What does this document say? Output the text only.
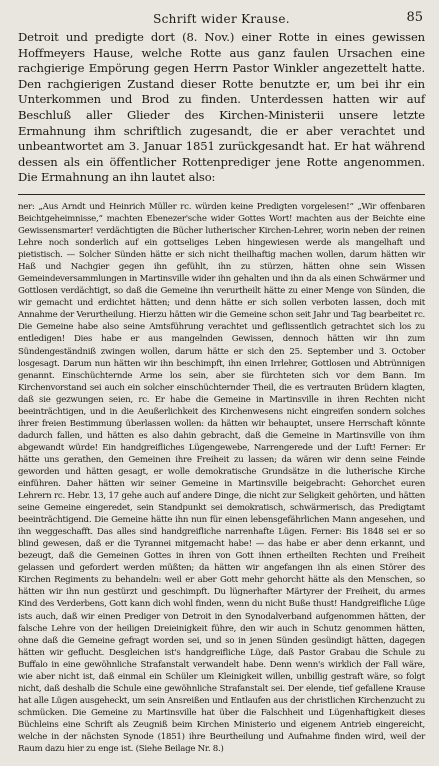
Schrift wider Krause.	85

Detroit und predigte dort (8. Nov.) einer Rotte in eines gewissen Hoffmeyers Hause, welche Rotte aus ganz faulen Ursachen eine rachgierige Empörung gegen Herrn Pastor Winkler angezettelt hatte. Den rachgierigen Zustand dieser Rotte benutzte er, um bei ihr ein Unterkommen und Brod zu finden. Unterdessen hatten wir auf Beschluß aller Glieder des Kirchen-Ministerii unsere letzte Ermahnung ihm schriftlich zugesandt, die er aber verachtet und unbeantwortet am 3. Januar 1851 zurückgesandt hat. Er hat während dessen als ein öffentlicher Rottenprediger jene Rotte angenommen. Die Ermahnung an ihn lautet also:

ner: „Aus Arndt und Heinrich Müller rc. würden keine Predigten vorgelesen!“ „Wir offenbaren Beichtgeheimnisse,“ machten Ebenezer'sche wider Gottes Wort! machten aus der Beichte eine Gewissensmarter! verdächtigten die Bücher lutherischer Kirchen-Lehrer, worin neben der reinen Lehre noch sonderlich auf ein gottseliges Leben hingewiesen werde als mangelhaft und pietistisch. — Solcher Sünden hätte er sich nicht theilhaftig machen wollen, darum hätten wir Haß und Nachgier gegen ihn gefühlt, ihn zu stürzen, hätten ohne sein Wissen Gemeindeversammlungen in Martinsville wider ihn gehalten und ihn da als einen Schwärmer und Gottlosen verdächtigt, so daß die Gemeine ihn verurtheilt hätte zu einer Menge von Sünden, die wir gemacht und erdichtet hätten; und denn hätte er sich sollen verboten lassen, doch mit Annahme der Verurtheilung. Hierzu hätten wir die Gemeine schon seit Jahr und Tag bearbeitet rc. Die Gemeine habe also seine Amtsführung verachtet und geflissentlich getrachtet sich los zu entledigen! Dies habe er aus mangelnden Gewissen, dennoch hätten wir ihn zum Sündengeständniß zwingen wollen, darum hätte er sich den 25. September und 3. October losgesagt. Darum nun hätten wir ihn beschimpft, ihn einen Irrlehrer, Gottlosen und Abtrünnigen genannt. Einschüchternde Arme los sein, aber sie fürchteten sich vor dem Bann. Im Kirchenvorstand sei auch ein solcher einschüchternder Theil, die es vertrauten Brüdern klagten, daß sie gezwungen seien, rc. Er habe die Gemeine in Martinsville in ihren Rechten nicht beeinträchtigen, und in die Aeußerlichkeit des Kirchenwesens nicht eingreifen sondern solches ihrer freien Bestimmung überlassen wollen: da hätten wir behauptet, unsere Herrschaft könnte dadurch fallen, und hätten es also dahin gebracht, daß die Gemeine in Martinsville von ihm abgewandt würde! Ein handgreifliches Lügengewebe, Narrengerede und der Luft! Ferner: Er hätte uns gerathen, den Gemeinen ihre Freiheit zu lassen; da wären wir denn seine Feinde geworden und hätten gesagt, er wolle demokratische Grundsätze in die lutherische Kirche einführen. Daher hätten wir seiner Gemeine in Martinsville beigebracht: Gehorchet euren Lehrern rc. Hebr. 13, 17 gehe auch auf andere Dinge, die nicht zur Seligkeit gehörten, und hätten seine Gemeine eingeredet, sein Standpunkt sei demokratisch, schwärmerisch, das Predigtamt beeinträchtigend. Die Gemeine hätte ihn nun für einen lebensgefährlichen Mann angesehen, und ihn weggeschafft. Das alles sind handgreifliche narrenhafte Lügen. Ferner: Bis 1848 sei er so blind gewesen, daß er die Tyrannei mitgemacht habe! — das habe er aber denn erkannt, und bezeugt, daß die Gemeinen Gottes in ihren von Gott ihnen ertheilten Rechten und Freiheit gelassen und gefordert werden müßten; da hätten wir angefangen ihn als einen Störer des Kirchen Regiments zu behandeln: weil er aber Gott mehr gehorcht hätte als den Menschen, so hätten wir ihn nun gestürzt und geschimpft. Du lügnerhafter Märtyrer der Freiheit, du armes Kind des Verderbens, Gott kann dich wohl finden, wenn du nicht Buße thust! Handgreifliche Lüge ists auch, daß wir einen Prediger von Detroit in den Synodalverband aufgenommen hätten, der falsche Lehre von der heiligen Dreieinigkeit führe, den wir auch in Schutz genommen hätten, ohne daß die Gemeine gefragt worden sei, und so in jenen Sünden gesündigt hätten, dagegen hätten wir geflucht. Desgleichen ist's handgreifliche Lüge, daß Pastor Grabau die Schule zu Buffalo in eine gewöhnliche Strafanstalt verwandelt habe. Denn wenn's wirklich der Fall wäre, wie aber nicht ist, daß einmal ein Schüler um Kleinigkeit willen, unbillig gestraft wäre, so folgt nicht, daß deshalb die Schule eine gewöhnliche Strafanstalt sei. Der elende, tief gefallene Krause hat alle Lügen ausgeheckt, um sein Ansreißen und Entlaufen aus der christlichen Kirchenzucht zu schmücken. Die Gemeine zu Martinsville hat über die Falschheit und Lügenhaftigkeit dieses Büchleins eine Schrift als Zeugniß beim Kirchen Ministerio und eigenem Antrieb eingereicht, welche in der nächsten Synode (1851) ihre Beurtheilung und Aufnahme finden wird, weil der Raum dazu hier zu enge ist. (Siehe Beilage Nr. 8.)
